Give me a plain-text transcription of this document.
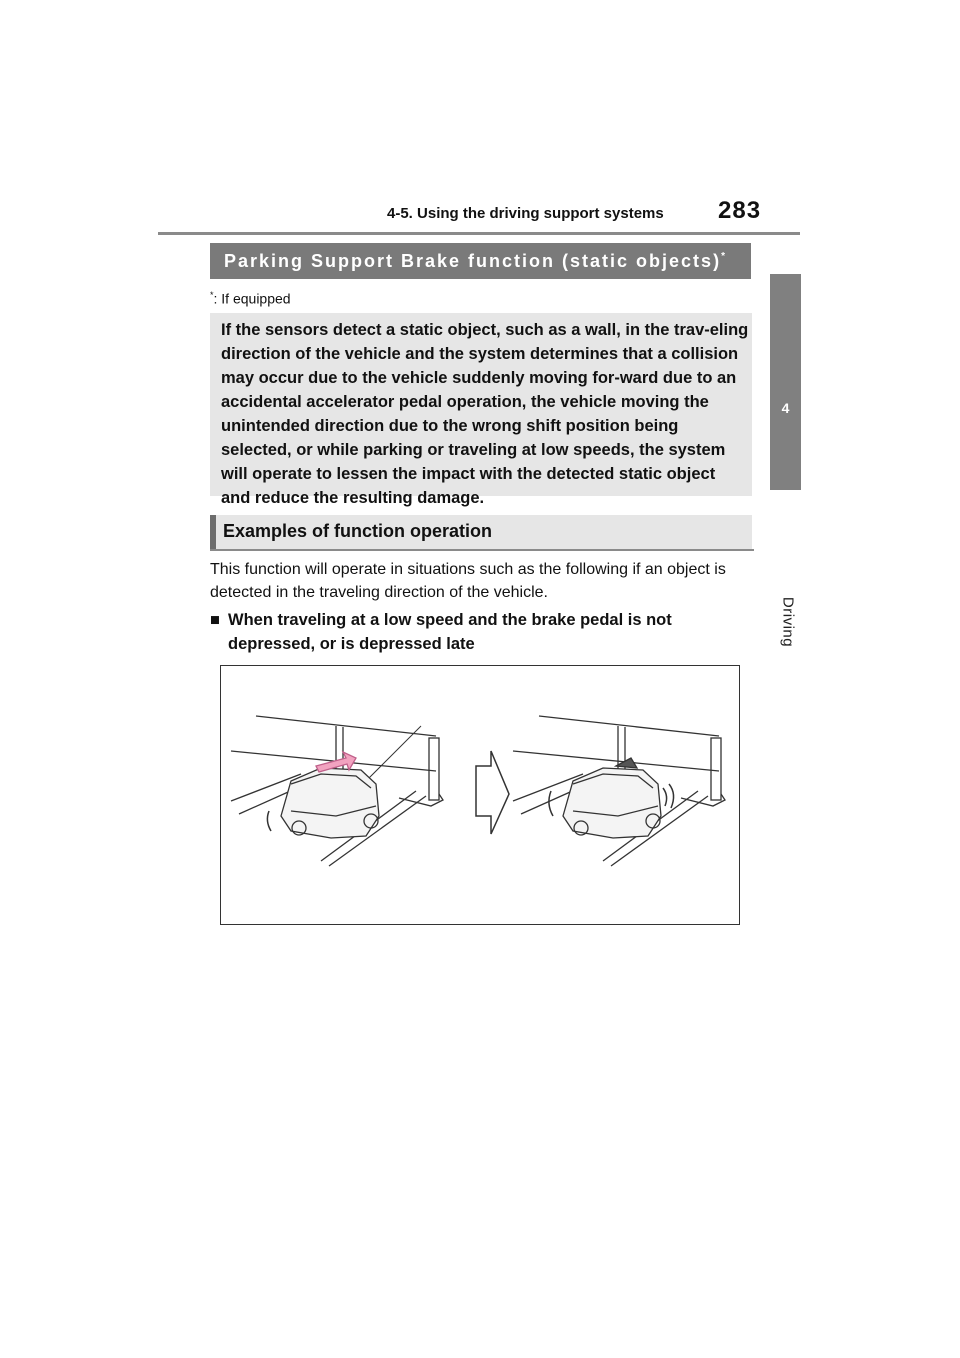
4-5. Using the driving support systems 283
4
Driving
Parking Support Brake function (static objects)*
*: If equipped
If the sensors detect a static object, such as a wall, in the trav-eling direction of the vehicle and the system determines that a collision may occur due to the vehicle suddenly moving for-ward due to an accidental accelerator pedal operation, the vehicle moving the unintended direction due to the wrong shift position being selected, or while parking or traveling at low speeds, the system will operate to lessen the impact with the detected static object and reduce the resulting damage.
Examples of function operation
This function will operate in situations such as the following if an object is detected in the traveling direction of the vehicle.
■ When traveling at a low speed and the brake pedal is not depressed, or is depressed late
